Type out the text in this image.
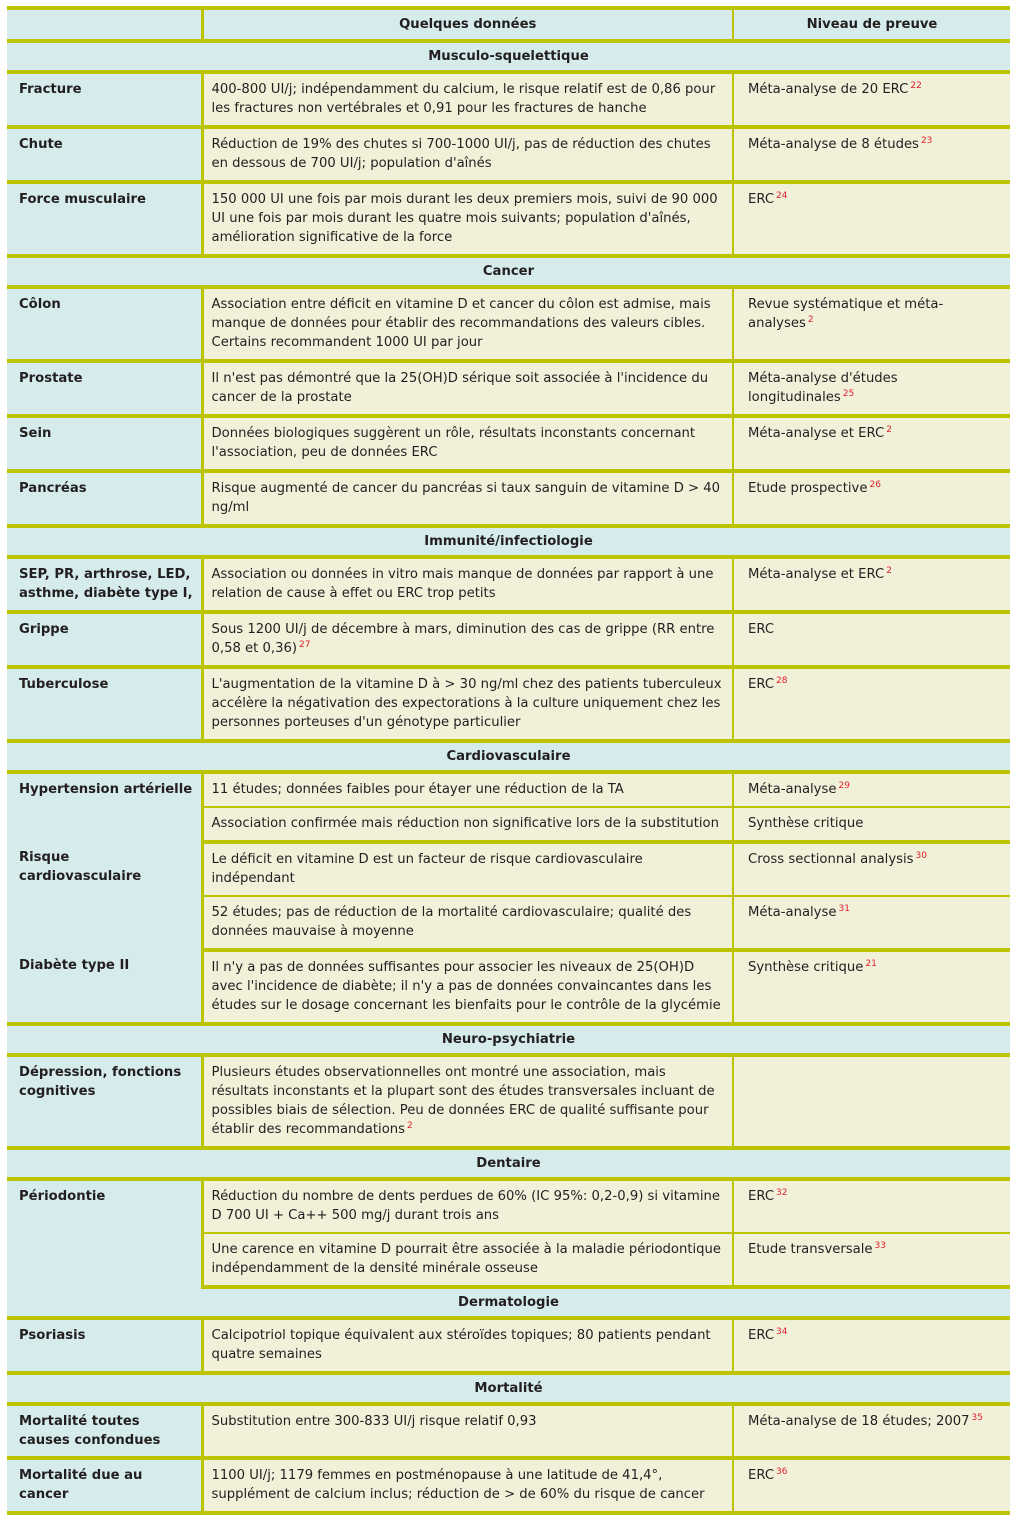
	Quelques données	Niveau de preuve
Musculo-squelettique		
Fracture	400-800 UI/j; indépendamment du calcium, le risque relatif est de 0,86 pour les fractures non vertébrales et 0,91 pour les fractures de hanche	Méta-analyse de 20 ERC $^{22}$
Chute	Réduction de 19% des chutes si 700-1000 UI/j, pas de réduction des chutes en dessous de 700 UI/j; population d'aînés	Méta-analyse de 8 études $^{23}$
Force musculaire	150 000 UI une fois par mois durant les deux premiers mois, suivi de 90 000 UI une fois par mois durant les quatre mois suivants; population d'aînés, amélioration significative de la force	ERC $^{24}$
Cancer		
Côlon	Association entre déficit en vitamine D et cancer du côlon est admise, mais manque de données pour établir des recommandations des valeurs cibles. Certains recommandent 1000 UI par jour	Revue systématique et méta-analyses $^2$
Prostate	Il n'est pas démontré que la 25(OH)D sérique soit associée à l'incidence du cancer de la prostate	Méta-analyse d'études longitudinales $^{25}$
Sein	Données biologiques suggèrent un rôle, résultats inconstants concernant l'association, peu de données ERC	Méta-analyse et ERC $^2$
Pancréas	Risque augmenté de cancer du pancréas si taux sanguin de vitamine D > 40 ng/ml	Etude prospective $^{26}$
Immunité/infectiologie		
SEP, PR, arthrose, LED, asthme, diabète type I,	Association ou données in vitro mais manque de données par rapport à une relation de cause à effet ou ERC trop petits	Méta-analyse et ERC $^2$
Grippe	Sous 1200 UI/j de décembre à mars, diminution des cas de grippe (RR entre 0,58 et 0,36) $^{27}$	ERC
Tuberculose	L'augmentation de la vitamine D à > 30 ng/ml chez des patients tuberculeux accélère la négativation des expectorations à la culture uniquement chez les personnes porteuses d'un génotype particulier	ERC $^{28}$
Cardiovasculaire		
Hypertension artérielle	11 études; données faibles pour étayer une réduction de la TA	Méta-analyse $^{29}$
	Association confirmée mais réduction non significative lors de la substitution	Synthèse critique
Risque cardiovasculaire	Le déficit en vitamine D est un facteur de risque cardiovasculaire indépendant	Cross sectionnal analysis $^{30}$
	52 études; pas de réduction de la mortalité cardiovasculaire; qualité des données mauvaise à moyenne	Méta-analyse $^{31}$
Diabète type II	Il n'y a pas de données suffisantes pour associer les niveaux de 25(OH)D avec l'incidence de diabète; il n'y a pas de données convaincantes dans les études sur le dosage concernant les bienfaits pour le contrôle de la glycémie	Synthèse critique $^{21}$
Neuro-psychiatrie		
Dépression, fonctions cognitives	Plusieurs études observationnelles ont montré une association, mais résultats inconstants et la plupart sont des études transversales incluant de possibles biais de sélection. Peu de données ERC de qualité suffisante pour établir des recommandations $^2$	
Dentaire		
Périodontie	Réduction du nombre de dents perdues de 60% (IC 95%: 0,2-0,9) si vitamine D 700 UI + Ca++ 500 mg/j durant trois ans	ERC $^{32}$
	Une carence en vitamine D pourrait être associée à la maladie périodontique indépendamment de la densité minérale osseuse	Etude transversale $^{33}$
Dermatologie		
Psoriasis	Calcipotriol topique équivalent aux stéroïdes topiques; 80 patients pendant quatre semaines	ERC $^{34}$
Mortalité		
Mortalité toutes causes confondues	Substitution entre 300-833 UI/j risque relatif 0,93	Méta-analyse de 18 études; 2007 $^{35}$
Mortalité due au cancer	1100 UI/j; 1179 femmes en postménopause à une latitude de 41,4°, supplément de calcium inclus; réduction de > de 60% du risque de cancer	ERC $^{36}$
